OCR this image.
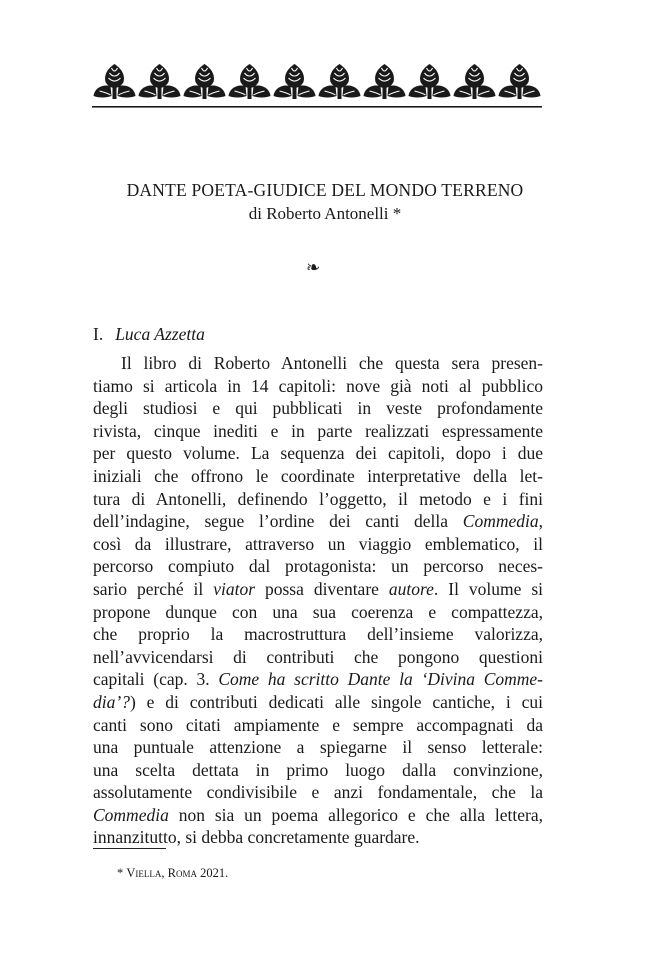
DANTE POETA-GIUDICE DEL MONDO TERRENO
di Roberto Antonelli *
❧
I. Luca Azzetta
Il libro di Roberto Antonelli che questa sera presen-
tiamo si articola in 14 capitoli: nove già noti al pubblico
degli studiosi e qui pubblicati in veste profondamente
rivista, cinque inediti e in parte realizzati espressamente
per questo volume. La sequenza dei capitoli, dopo i due
iniziali che offrono le coordinate interpretative della let-
tura di Antonelli, definendo l’oggetto, il metodo e i fini
dell’indagine, segue l’ordine dei canti della Commedia,
così da illustrare, attraverso un viaggio emblematico, il
percorso compiuto dal protagonista: un percorso neces-
sario perché il viator possa diventare autore. Il volume si
propone dunque con una sua coerenza e compattezza,
che proprio la macrostruttura dell’insieme valorizza,
nell’avvicendarsi di contributi che pongono questioni
capitali (cap. 3. Come ha scritto Dante la ‘Divina Comme-
dia’?) e di contributi dedicati alle singole cantiche, i cui
canti sono citati ampiamente e sempre accompagnati da
una puntuale attenzione a spiegarne il senso letterale:
una scelta dettata in primo luogo dalla convinzione,
assolutamente condivisibile e anzi fondamentale, che la
Commedia non sia un poema allegorico e che alla lettera,
innanzitutto, si debba concretamente guardare.
* Viella, Roma 2021.
